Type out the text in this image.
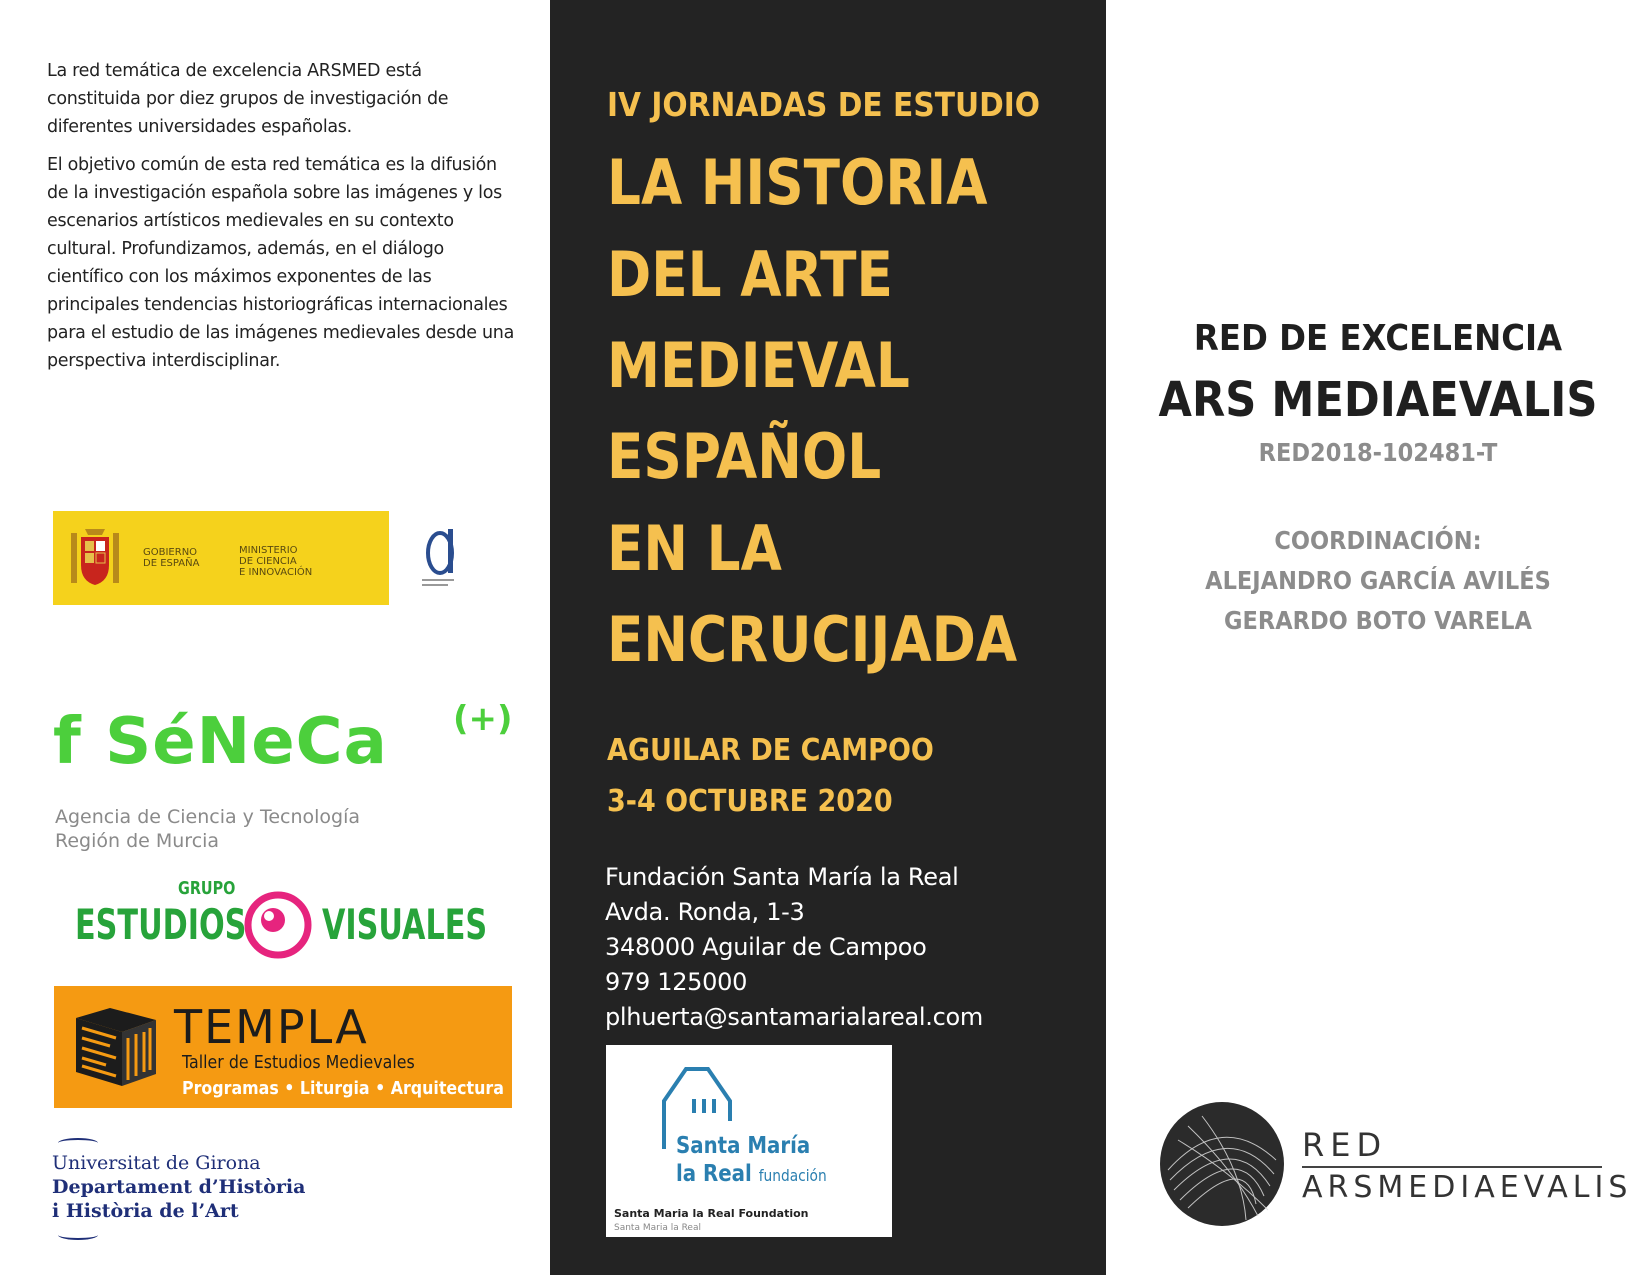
La red temática de excelencia ARSMED está constituida por diez grupos de investigación de diferentes universidades españolas.

El objetivo común de esta red temática es la difusión de la investigación española sobre las imágenes y los escenarios artísticos medievales en su contexto cultural. Profundizamos, además, en el diálogo científico con los máximos exponentes de las principales tendencias historiográficas internacionales para el estudio de las imágenes medievales desde una perspectiva interdisciplinar.

GOBIERNO
DE ESPAÑA
MINISTERIO
DE CIENCIA
E INNOVACIÓN
f SéNeCa (+)
Agencia de Ciencia y Tecnología
Región de Murcia
GRUPO
ESTUDIOS VISUALES
TEMPLA
Taller de Estudios Medievales
Programas • Liturgia • Arquitectura
Universitat de Girona
Departament d’Història
i Història de l’Art
IV JORNADAS DE ESTUDIO
LA HISTORIA
DEL ARTE
MEDIEVAL
ESPAÑOL
EN LA
ENCRUCIJADA
AGUILAR DE CAMPOO
3-4 OCTUBRE 2020
Fundación Santa María la Real
Avda. Ronda, 1-3
348000 Aguilar de Campoo
979 125000
plhuerta@santamarialareal.com
Santa María
la Real fundación
Santa Maria la Real Foundation
Santa Maria la Real
RED DE EXCELENCIA
ARS MEDIAEVALIS
RED2018-102481-T
COORDINACIÓN:
ALEJANDRO GARCÍA AVILÉS
GERARDO BOTO VARELA
RED
ARSMEDIAEVALIS
